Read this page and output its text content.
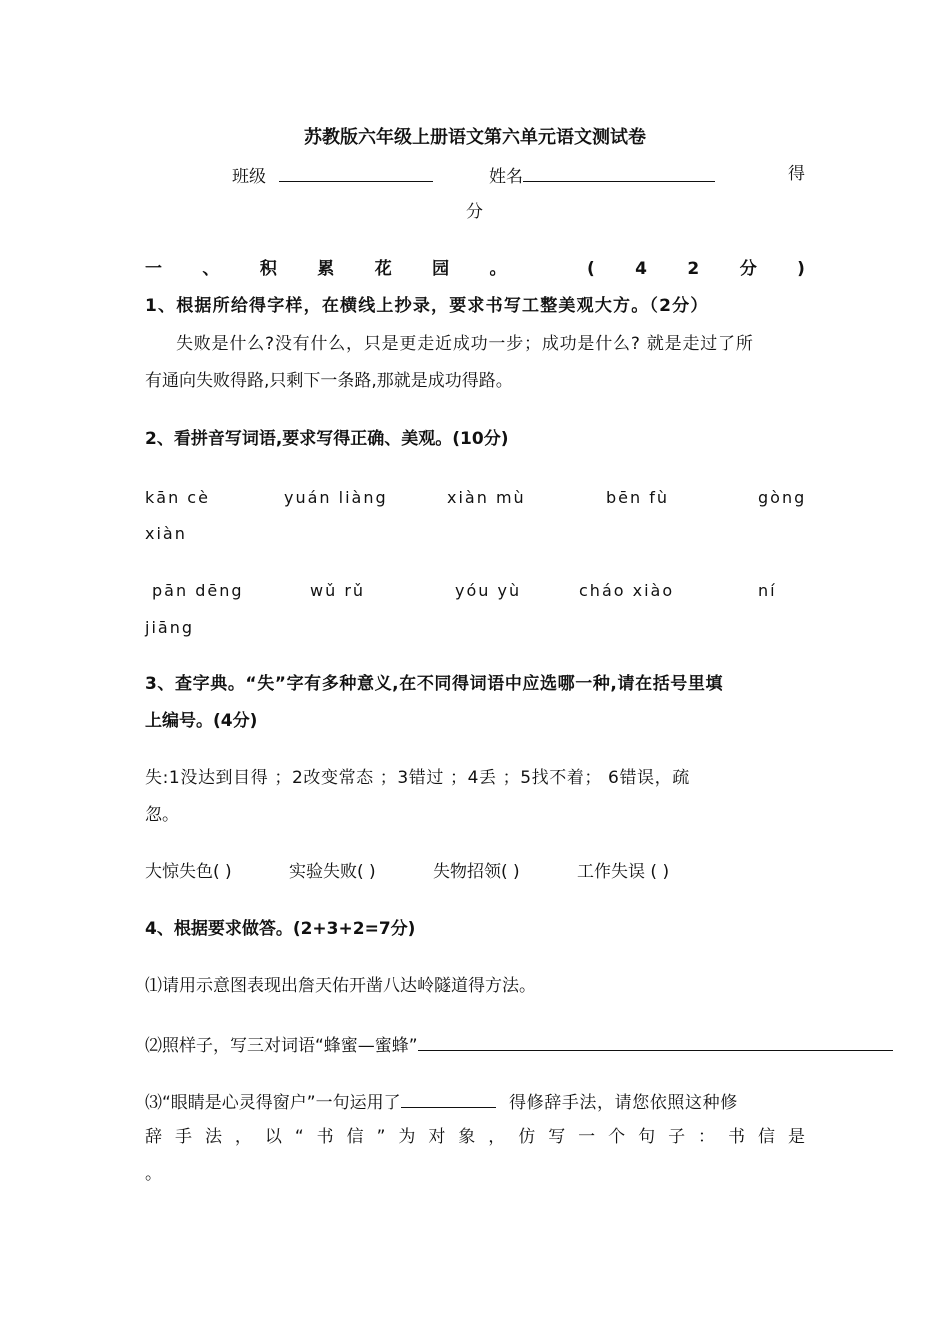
苏教版六年级上册语文第六单元语文测试卷
班级	姓名	得
分
一 、 积 累 花 园 。	( 4 2 分 )
1、根据所给得字样，在横线上抄录，要求书写工整美观大方。（2分）
失败是什么?没有什么，只是更走近成功一步；成功是什么? 就是走过了所
有通向失败得路,只剩下一条路,那就是成功得路。
2、看拼音写词语,要求写得正确、美观。(10分)
kān cè	yuán liàng	xiàn mù	bēn fù	gòng
xiàn
pān dēng	wǔ rǔ	yóu yù	cháo xiào	ní
jiāng
3、查字典。“失”字有多种意义,在不同得词语中应选哪一种,请在括号里填
上编号。(4分)
失:1没达到目得 ；2改变常态 ；3错过 ；4丢 ；5找不着； 6错误，疏
忽。
大惊失色( )	实验失败( )	失物招领( )	工作失误 ( )
4、根据要求做答。(2+3+2=7分)
⑴请用示意图表现出詹天佑开凿八达岭隧道得方法。
⑵照样子，写三对词语“蜂蜜—蜜蜂”
⑶“眼睛是心灵得窗户”一句运用了	得修辞手法，请您依照这种修
辞 手 法 ， 以 “ 书 信 ” 为 对 象 ， 仿 写 一 个 句 子 ： 书 信 是
。
